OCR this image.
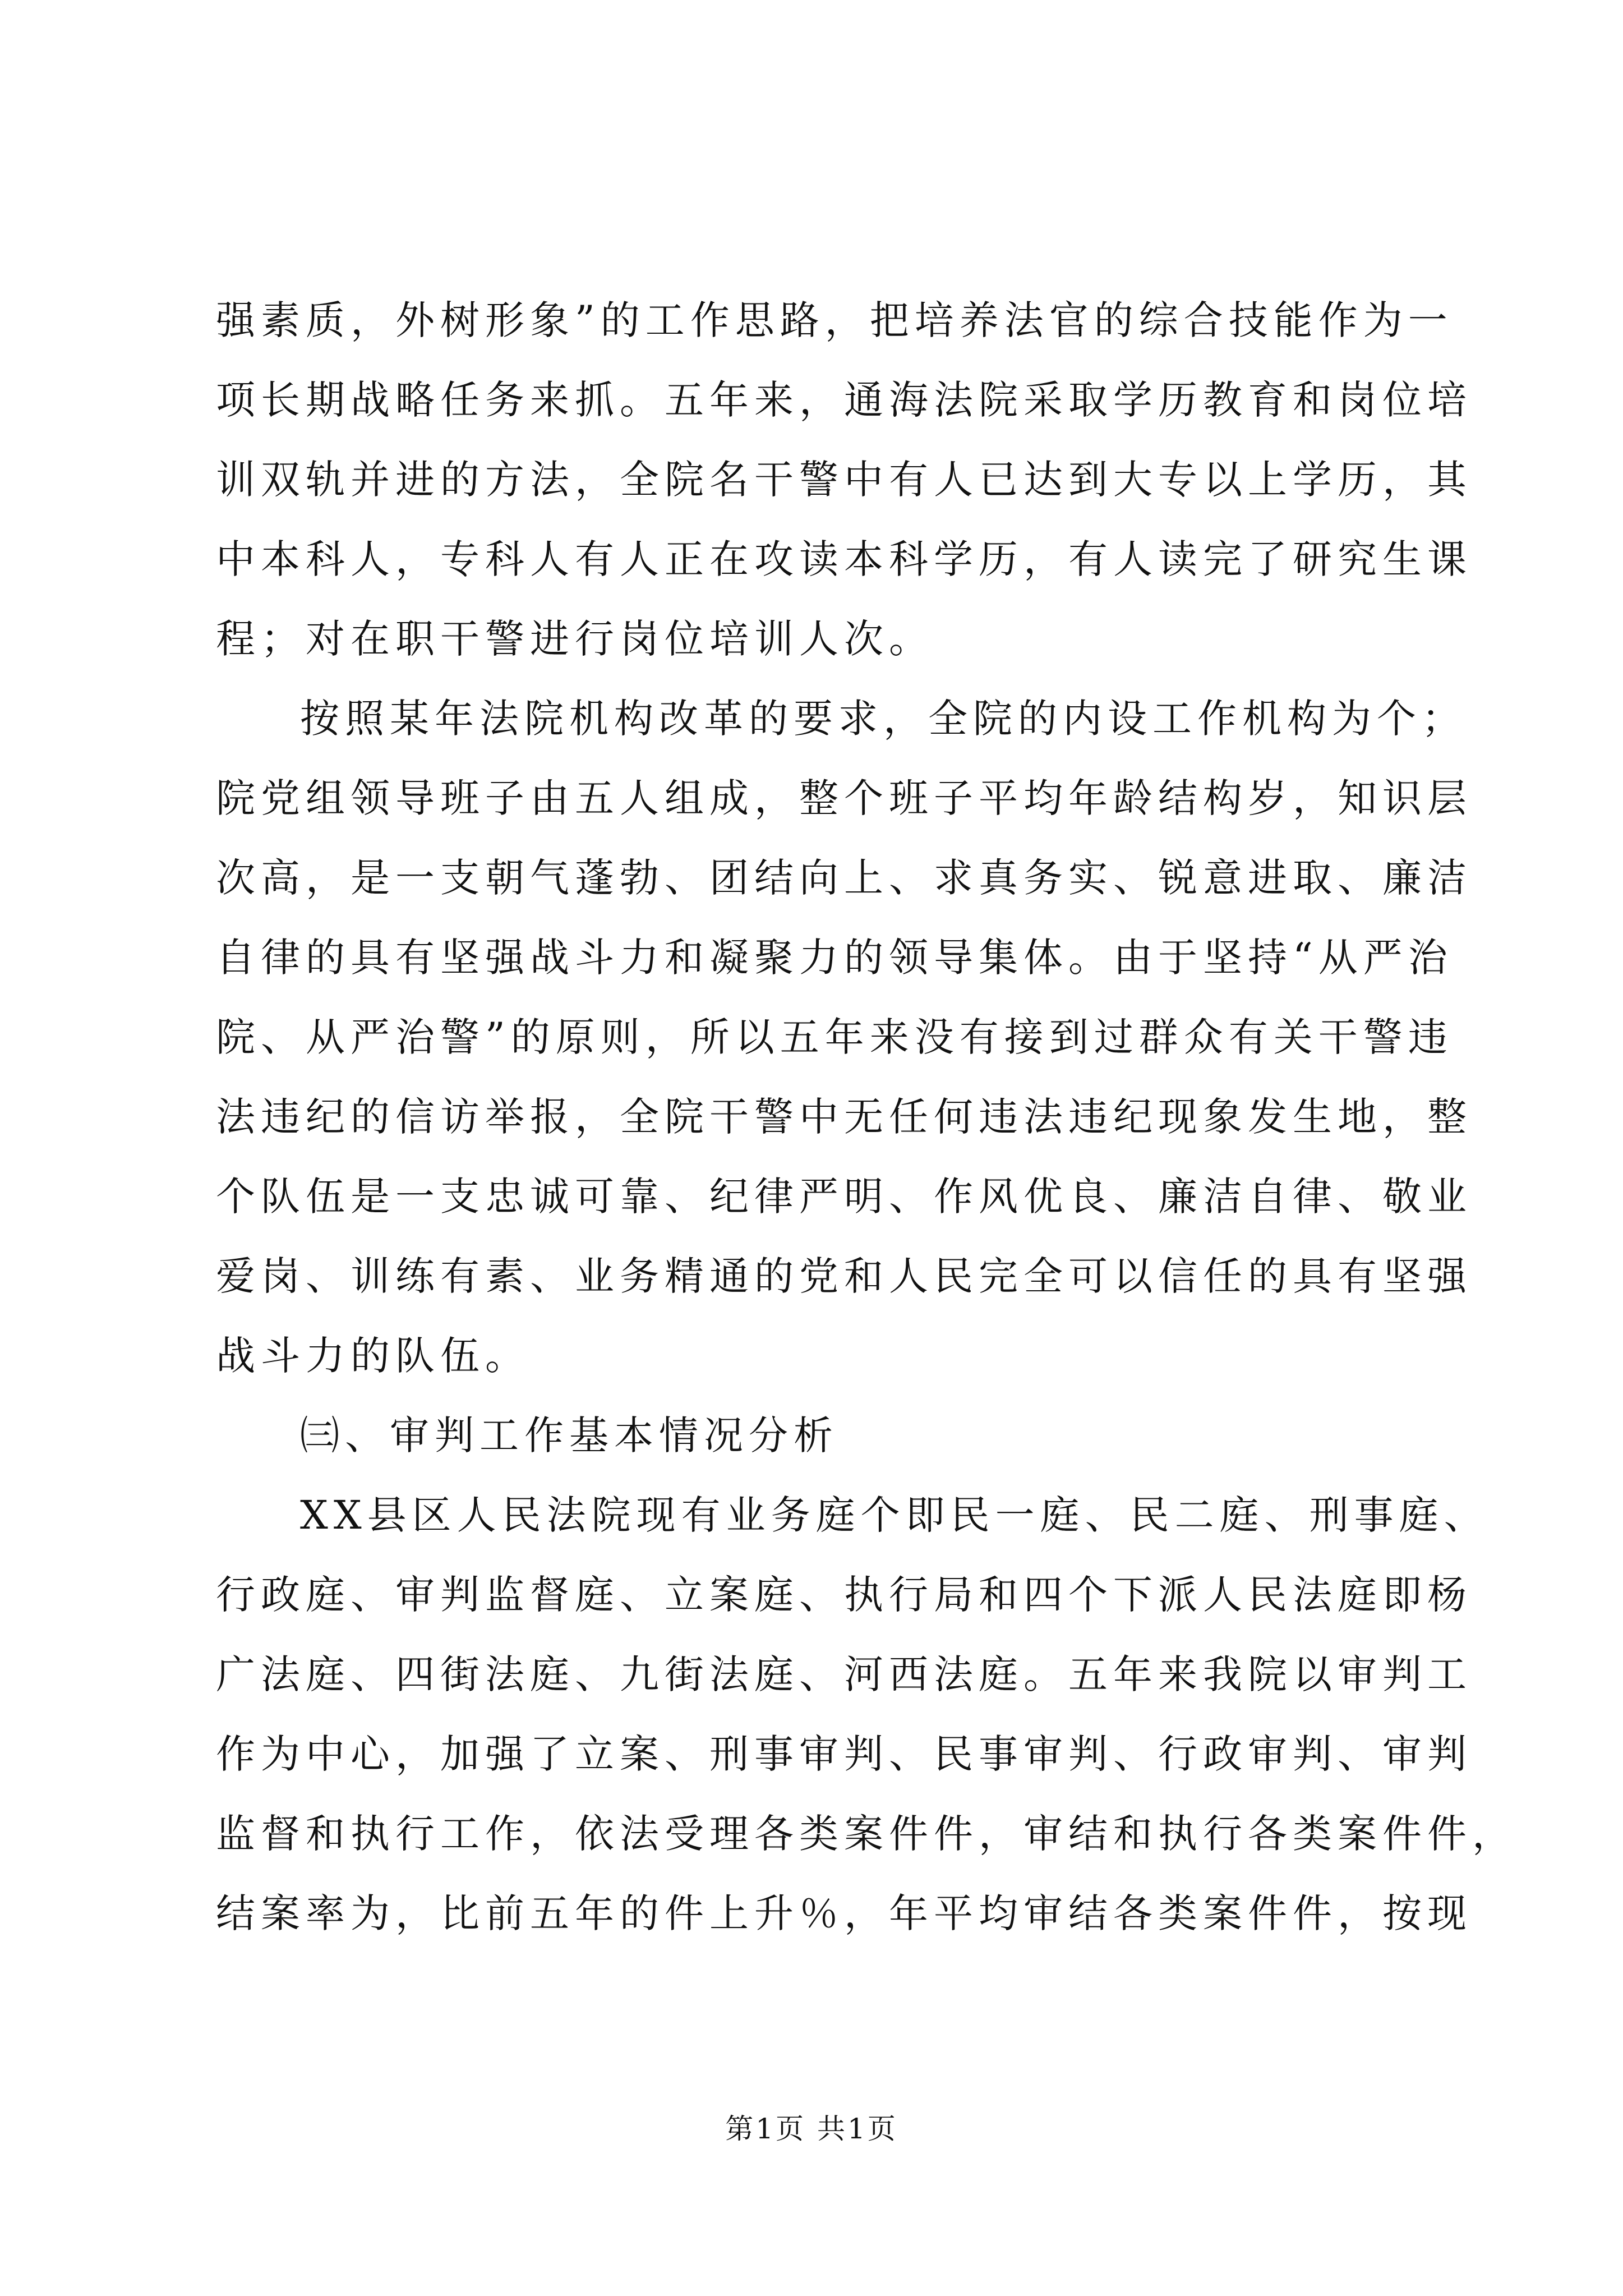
强素质，外树形象”的工作思路，把培养法官的综合技能作为一
项长期战略任务来抓。五年来，通海法院采取学历教育和岗位培
训双轨并进的方法，全院名干警中有人已达到大专以上学历，其
中本科人，专科人有人正在攻读本科学历，有人读完了研究生课
程；对在职干警进行岗位培训人次。
按照某年法院机构改革的要求，全院的内设工作机构为个；
院党组领导班子由五人组成，整个班子平均年龄结构岁，知识层
次高，是一支朝气蓬勃、团结向上、求真务实、锐意进取、廉洁
自律的具有坚强战斗力和凝聚力的领导集体。由于坚持“从严治
院、从严治警”的原则，所以五年来没有接到过群众有关干警违
法违纪的信访举报，全院干警中无任何违法违纪现象发生地，整
个队伍是一支忠诚可靠、纪律严明、作风优良、廉洁自律、敬业
爱岗、训练有素、业务精通的党和人民完全可以信任的具有坚强
战斗力的队伍。
㈢、审判工作基本情况分析
XX县区人民法院现有业务庭个即民一庭、民二庭、刑事庭、
行政庭、审判监督庭、立案庭、执行局和四个下派人民法庭即杨
广法庭、四街法庭、九街法庭、河西法庭。五年来我院以审判工
作为中心，加强了立案、刑事审判、民事审判、行政审判、审判
监督和执行工作，依法受理各类案件件，审结和执行各类案件件，
结案率为，比前五年的件上升％，年平均审结各类案件件，按现
第1页 共1页
